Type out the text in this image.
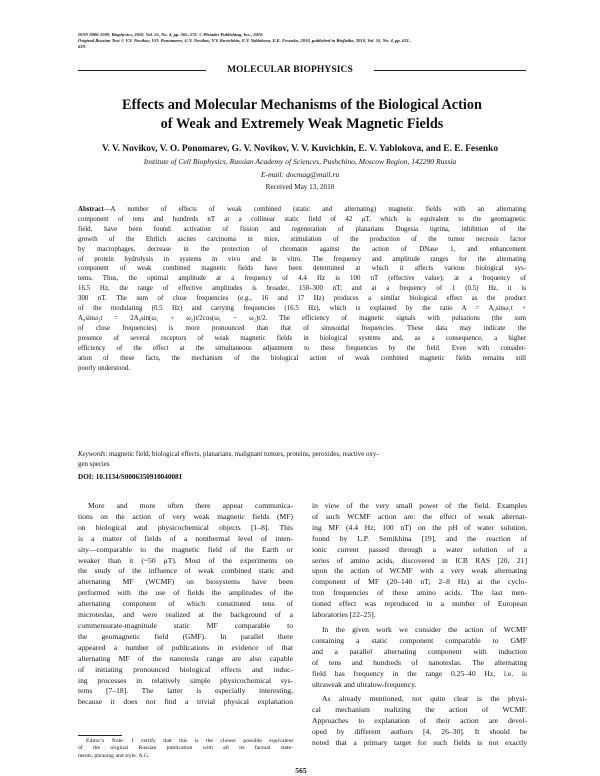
ISSN 0006-3509, Biophysics, 2010, Vol. 55, No. 4, pp. 565–572. © Pleiades Publishing, Inc., 2010.
Original Russian Text © V.V. Novikov, V.O. Ponomarev, G.V. Novikov, V.V. Kuvichkin, E.V. Yablokova, E.E. Fesenko, 2010, published in Biofizika, 2010, Vol. 55, No. 4, pp. 631–
639.
MOLECULAR BIOPHYSICS
Effects and Molecular Mechanisms of the Biological Action
of Weak and Extremely Weak Magnetic Fields
V. V. Novikov, V. O. Ponomarev, G. V. Novikov, V. V. Kuvichkin, E. V. Yablokova, and E. E. Fesenko
Institute of Cell Biophysics, Russian Academy of Sciences, Pushchino, Moscow Region, 142290 Russia
E-mail: docmag@mail.ru
Received May 13, 2010
Abstract—A number of effects of weak combined (static and alternating) magnetic fields with an alternating
component of tens and hundreds nT at a collinear static field of 42 μT, which is equivalent to the geomagnetic
field, have been found: activation of fission and regeneration of planarians Dugesia tigrina, inhibition of the
growth of the Ehrlich ascites carcinoma in mice, stimulation of the production of the tumor necrosis factor
by macrophages, decrease in the protection of chromatin against the action of DNase 1, and enhancement
of protein hydrolysis in systems in vivo and in vitro. The frequency and amplitude ranges for the alternating
component of weak combined magnetic fields have been determined at which it affects various biological sys-
tems. Thus, the optimal amplitude at a frequency of 4.4 Hz is 100 nT (effective value); at a frequency of
16.5 Hz, the range of effective amplitudes is broader, 150–300 nT; and at a frequency of 1 (0.5) Hz, it is
300 nT. The sum of close frequencies (e.g., 16 and 17 Hz) produces a similar biological effect as the product
of the modulating (0.5 Hz) and carrying frequencies (16.5 Hz), which is explained by the ratio A = A₀sinω₁t +
A₀sinω₂t = 2A₀sin(ω₁ + ω₂)t/2cos(ω₁ − ω₂)t/2. The efficiency of magnetic signals with pulsations (the sum
of close frequencies) is more pronounced than that of sinusoidal frequencies. These data may indicate the
presence of several receptors of weak magnetic fields in biological systems and, as a consequence, a higher
efficiency of the effect at the simultaneous adjustment to these frequencies by the field. Even with consider-
ation of these facts, the mechanism of the biological action of weak combined magnetic fields remains still
poorly understood.
Keywords: magnetic field, biological effects, planarians, malignant tumors, proteins, peroxides, reactive oxy-
gen species
DOI: 10.1134/S0006350910040081
More and more often there appear communica-
tions on the action of very weak magnetic fields (MF)
on biological and physicochemical objects [1–8]. This
is a matter of fields of a nonthermal level of inten-
sity—comparable to the magnetic field of the Earth or
weaker than it (~50 μT). Most of the experiments on
the study of the influence of weak combined static and
alternating MF (WCMF) on biosystems have been
performed with the use of fields the amplitudes of the
alternating component of which constituted tens of
microteslas, and were realized at the background of a
commensurate-magnitude static MF comparable to
the geomagnetic field (GMF). In parallel there
appeared a number of publications in evidence of that
alternating MF of the nanotesla range are also capable
of initiating pronounced biological effects and induc-
ing processes in relatively simple physicochemical sys-
tems [7–18]. The latter is especially interesting,
because it does not find a trivial physical explanation
in view of the very small power of the field. Examples
of such WCMF action are: the effect of weak alternat-
ing MF (4.4 Hz; 100 nT) on the pH of water solution,
found by L.P. Semikhina [19], and the reaction of
ionic current passed through a water solution of a
series of amino acids, discovered in ICB RAS [20, 21]
upon the action of WCMF with a very weak alternating
component of MF (20–140 nT; 2–8 Hz) at the cyclo-
tron frequencies of these amino acids. The last men-
tioned effect was reproduced in a number of European
laboratories [22–25].
In the given work we consider the action of WCMF
containing a static component comparable to GMF
and a parallel alternating component with induction
of tens and hundreds of nanoteslas. The alternating
field has frequency in the range 0.25–40 Hz, i.e. is
ultraweak and ultralow-frequency.
As already mentioned, not quite clear is the physi-
cal mechanism realizing the action of WCMF.
Approaches to explanation of their action are devel-
oped by different authors [4, 26–30]. It should be
noted that a primary target for such fields is not exactly
Editor’s Note: I certify that this is the closest possible equivalent
of the original Russian publication with all its factual state-
ments, phrasing and style. A.G.
565
